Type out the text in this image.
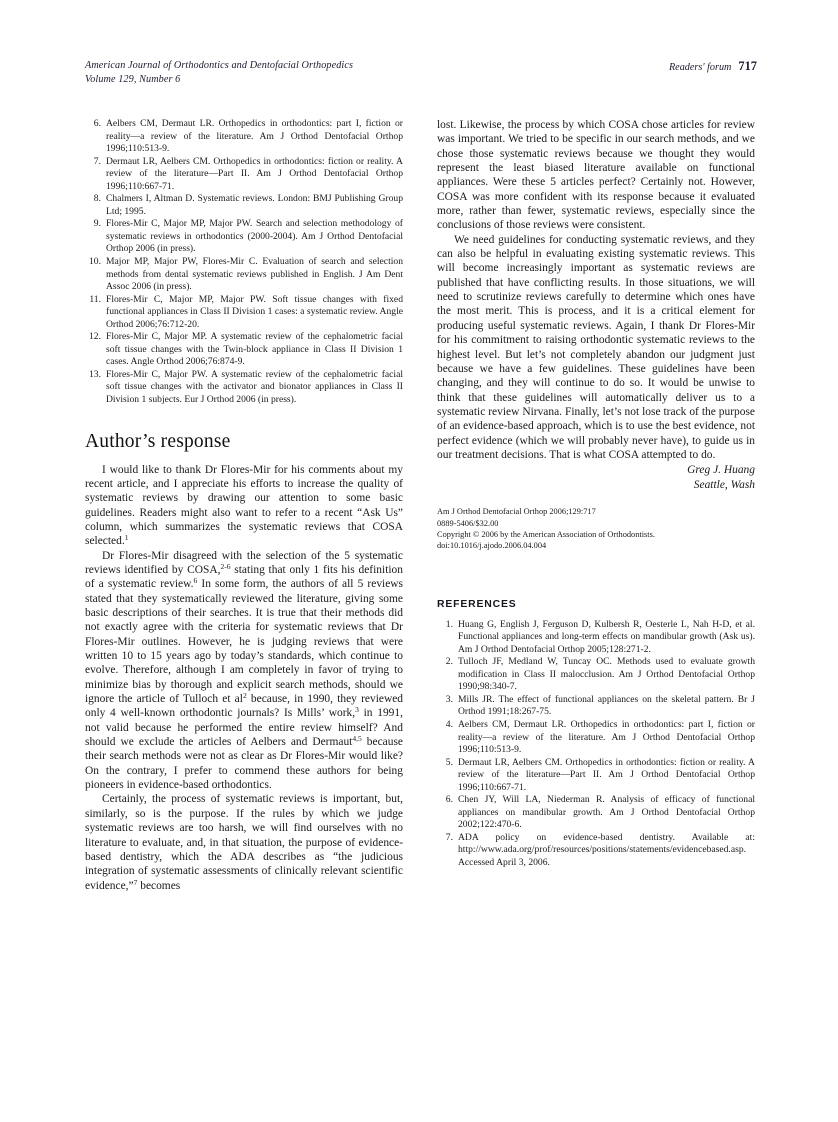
American Journal of Orthodontics and Dentofacial Orthopedics
Volume 129, Number 6
Readers' forum 717
6. Aelbers CM, Dermaut LR. Orthopedics in orthodontics: part I, fiction or reality—a review of the literature. Am J Orthod Dentofacial Orthop 1996;110:513-9.
7. Dermaut LR, Aelbers CM. Orthopedics in orthodontics: fiction or reality. A review of the literature—Part II. Am J Orthod Dentofacial Orthop 1996;110:667-71.
8. Chalmers I, Altman D. Systematic reviews. London: BMJ Publishing Group Ltd; 1995.
9. Flores-Mir C, Major MP, Major PW. Search and selection methodology of systematic reviews in orthodontics (2000-2004). Am J Orthod Dentofacial Orthop 2006 (in press).
10. Major MP, Major PW, Flores-Mir C. Evaluation of search and selection methods from dental systematic reviews published in English. J Am Dent Assoc 2006 (in press).
11. Flores-Mir C, Major MP, Major PW. Soft tissue changes with fixed functional appliances in Class II Division 1 cases: a systematic review. Angle Orthod 2006;76:712-20.
12. Flores-Mir C, Major MP. A systematic review of the cephalometric facial soft tissue changes with the Twin-block appliance in Class II Division 1 cases. Angle Orthod 2006;76:874-9.
13. Flores-Mir C, Major PW. A systematic review of the cephalometric facial soft tissue changes with the activator and bionator appliances in Class II Division 1 subjects. Eur J Orthod 2006 (in press).
Author’s response

I would like to thank Dr Flores-Mir for his comments about my recent article, and I appreciate his efforts to increase the quality of systematic reviews by drawing our attention to some basic guidelines. Readers might also want to refer to a recent “Ask Us” column, which summarizes the systematic reviews that COSA selected.$^1$

Dr Flores-Mir disagreed with the selection of the 5 systematic reviews identified by COSA,$^{2-6}$ stating that only 1 fits his definition of a systematic review.$^6$ In some form, the authors of all 5 reviews stated that they systematically reviewed the literature, giving some basic descriptions of their searches. It is true that their methods did not exactly agree with the criteria for systematic reviews that Dr Flores-Mir outlines. However, he is judging reviews that were written 10 to 15 years ago by today’s standards, which continue to evolve. Therefore, although I am completely in favor of trying to minimize bias by thorough and explicit search methods, should we ignore the article of Tulloch et $al^2$ because, in 1990, they reviewed only 4 well-known orthodontic journals? Is Mills’ work,$^3$ in 1991, not valid because he performed the entire review himself? And should we exclude the articles of Aelbers and Dermaut$^{4,5}$ because their search methods were not as clear as Dr Flores-Mir would like? On the contrary, I prefer to commend these authors for being pioneers in evidence-based orthodontics.

Certainly, the process of systematic reviews is important, but, similarly, so is the purpose. If the rules by which we judge systematic reviews are too harsh, we will find ourselves with no literature to evaluate, and, in that situation, the purpose of evidence-based dentistry, which the ADA describes as “the judicious integration of systematic assessments of clinically relevant scientific evidence,”$^7$ becomes

lost. Likewise, the process by which COSA chose articles for review was important. We tried to be specific in our search methods, and we chose those systematic reviews because we thought they would represent the least biased literature available on functional appliances. Were these 5 articles perfect? Certainly not. However, COSA was more confident with its response because it evaluated more, rather than fewer, systematic reviews, especially since the conclusions of those reviews were consistent.

We need guidelines for conducting systematic reviews, and they can also be helpful in evaluating existing systematic reviews. This will become increasingly important as systematic reviews are published that have conflicting results. In those situations, we will need to scrutinize reviews carefully to determine which ones have the most merit. This is process, and it is a critical element for producing useful systematic reviews. Again, I thank Dr Flores-Mir for his commitment to raising orthodontic systematic reviews to the highest level. But let’s not completely abandon our judgment just because we have a few guidelines. These guidelines have been changing, and they will continue to do so. It would be unwise to think that these guidelines will automatically deliver us to a systematic review Nirvana. Finally, let’s not lose track of the purpose of an evidence-based approach, which is to use the best evidence, not perfect evidence (which we will probably never have), to guide us in our treatment decisions. That is what COSA attempted to do.

Greg J. Huang
Seattle, Wash
Am J Orthod Dentofacial Orthop 2006;129:717
0889-5406/$32.00
Copyright © 2006 by the American Association of Orthodontists.
doi:10.1016/j.ajodo.2006.04.004
REFERENCES
1. Huang G, English J, Ferguson D, Kulbersh R, Oesterle L, Nah H-D, et al. Functional appliances and long-term effects on mandibular growth (Ask us). Am J Orthod Dentofacial Orthop 2005;128:271-2.
2. Tulloch JF, Medland W, Tuncay OC. Methods used to evaluate growth modification in Class II malocclusion. Am J Orthod Dentofacial Orthop 1990;98:340-7.
3. Mills JR. The effect of functional appliances on the skeletal pattern. Br J Orthod 1991;18:267-75.
4. Aelbers CM, Dermaut LR. Orthopedics in orthodontics: part I, fiction or reality—a review of the literature. Am J Orthod Dentofacial Orthop 1996;110:513-9.
5. Dermaut LR, Aelbers CM. Orthopedics in orthodontics: fiction or reality. A review of the literature—Part II. Am J Orthod Dentofacial Orthop 1996;110:667-71.
6. Chen JY, Will LA, Niederman R. Analysis of efficacy of functional appliances on mandibular growth. Am J Orthod Dentofacial Orthop 2002;122:470-6.
7. ADA policy on evidence-based dentistry. Available at: http://www.ada.org/prof/resources/positions/statements/evidencebased.asp. Accessed April 3, 2006.
